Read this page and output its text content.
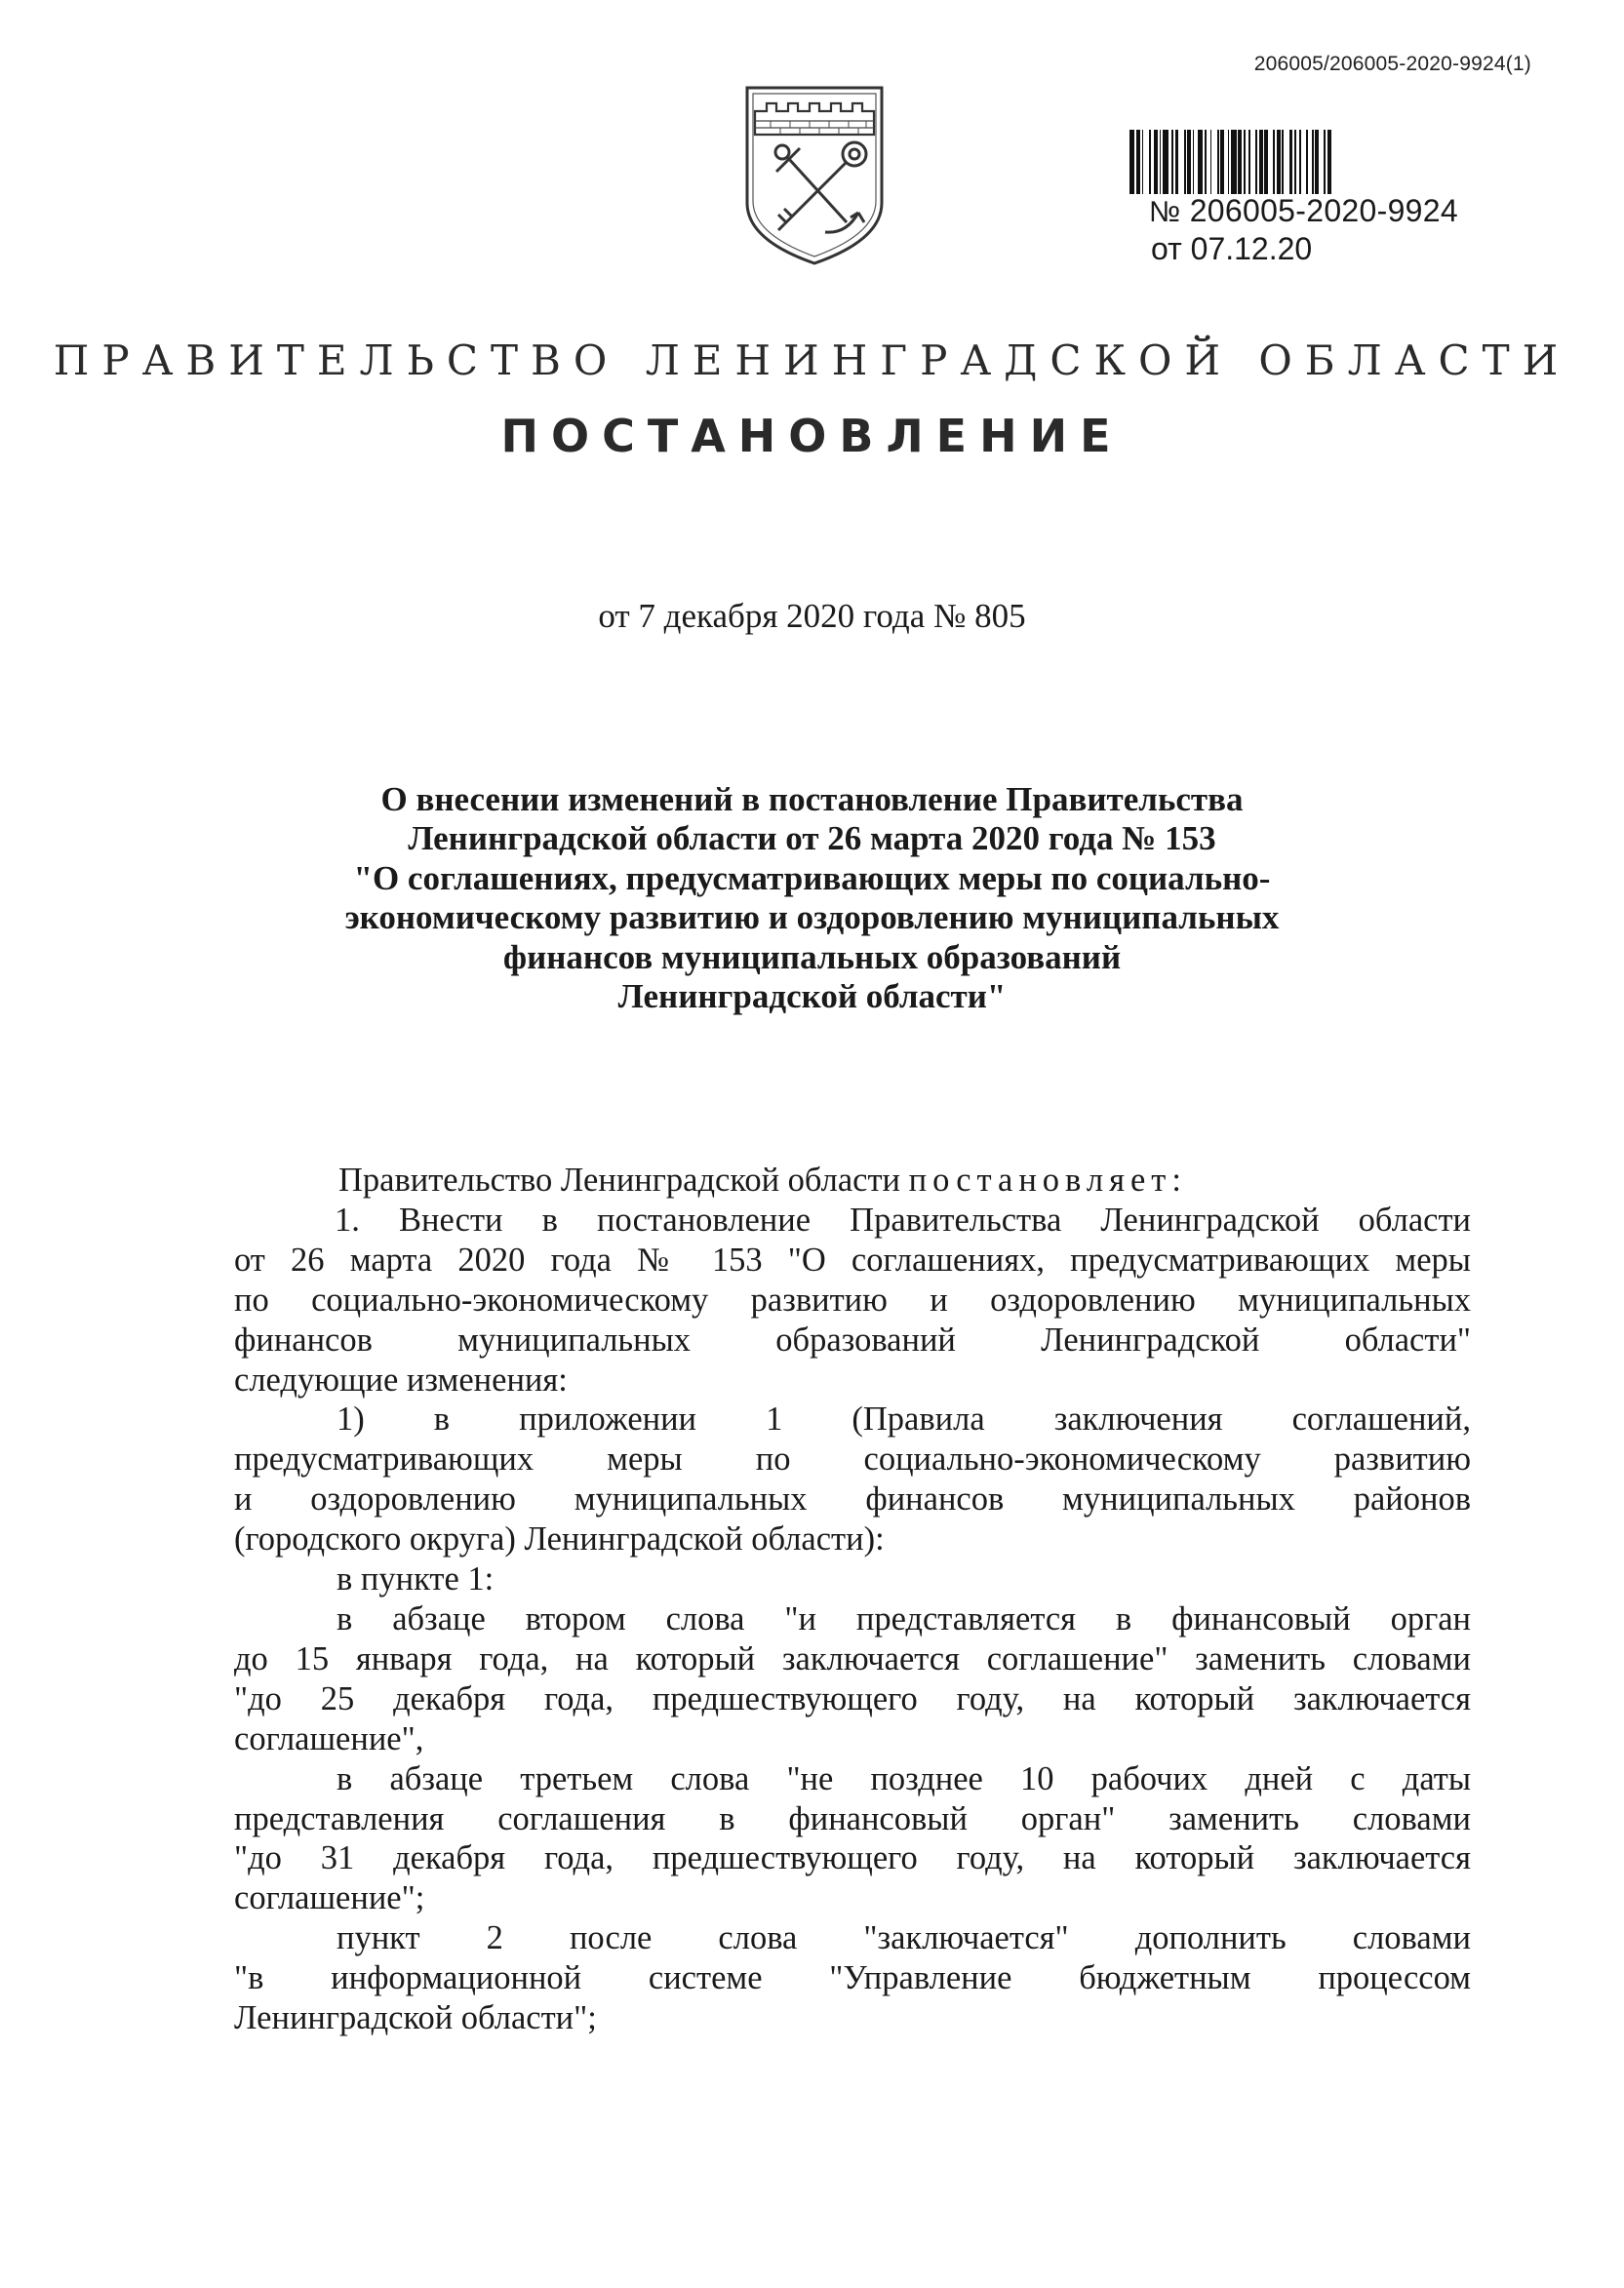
206005/206005-2020-9924(1)
№ 206005-2020-9924
от 07.12.20
ПРАВИТЕЛЬСТВО ЛЕНИНГРАДСКОЙ ОБЛАСТИ
ПОСТАНОВЛЕНИЕ
от 7 декабря 2020 года № 805
О внесении изменений в постановление Правительства
Ленинградской области от 26 марта 2020 года № 153
"О соглашениях, предусматривающих меры по социально-
экономическому развитию и оздоровлению муниципальных
финансов муниципальных образований
Ленинградской области"
Правительство Ленинградской области постановляет:
1. Внести в постановление Правительства Ленинградской области
от 26 марта 2020 года № 153 "О соглашениях, предусматривающих меры
по социально-экономическому развитию и оздоровлению муниципальных
финансов муниципальных образований Ленинградской области"
следующие изменения:
1) в приложении 1 (Правила заключения соглашений,
предусматривающих меры по социально-экономическому развитию
и оздоровлению муниципальных финансов муниципальных районов
(городского округа) Ленинградской области):
в пункте 1:
в абзаце втором слова "и представляется в финансовый орган
до 15 января года, на который заключается соглашение" заменить словами
"до 25 декабря года, предшествующего году, на который заключается
соглашение",
в абзаце третьем слова "не позднее 10 рабочих дней с даты
представления соглашения в финансовый орган" заменить словами
"до 31 декабря года, предшествующего году, на который заключается
соглашение";
пункт 2 после слова "заключается" дополнить словами
"в информационной системе "Управление бюджетным процессом
Ленинградской области";
